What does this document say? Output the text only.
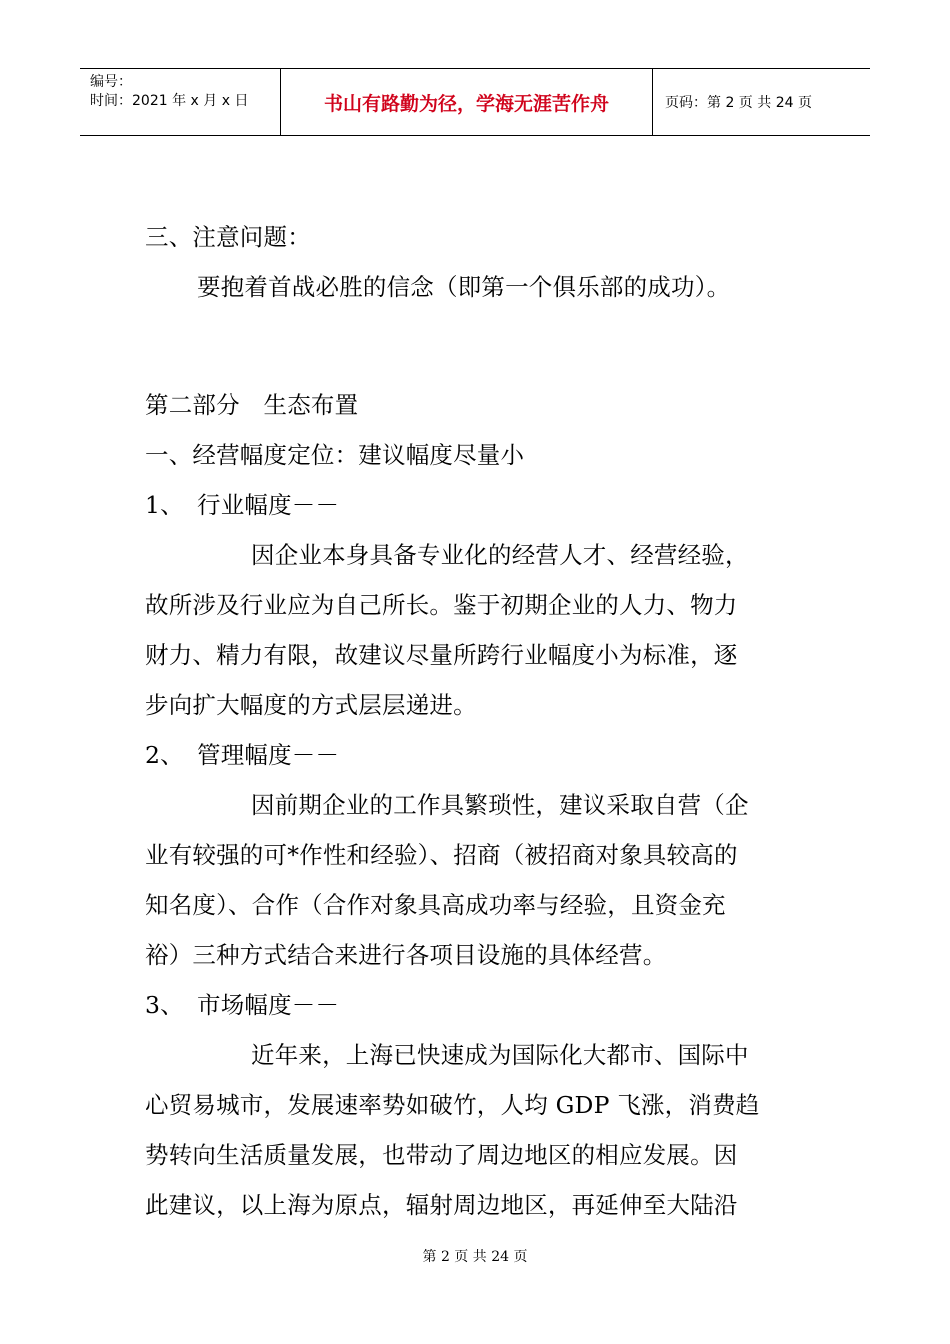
编号：
时间：2021 年 x 月 x 日	书山有路勤为径，学海无涯苦作舟	页码：第 2 页 共 24 页
三、注意问题：
要抱着首战必胜的信念（即第一个俱乐部的成功）。
第二部分　生态布置
一、经营幅度定位：建议幅度尽量小
1、 行业幅度－－
因企业本身具备专业化的经营人才、经营经验，
故所涉及行业应为自己所长。鉴于初期企业的人力、物力
财力、精力有限，故建议尽量所跨行业幅度小为标准，逐
步向扩大幅度的方式层层递进。
2、 管理幅度－－
因前期企业的工作具繁琐性，建议采取自营（企
业有较强的可*作性和经验）、招商（被招商对象具较高的
知名度）、合作（合作对象具高成功率与经验，且资金充
裕）三种方式结合来进行各项目设施的具体经营。
3、 市场幅度－－
近年来，上海已快速成为国际化大都市、国际中
心贸易城市，发展速率势如破竹，人均 GDP 飞涨，消费趋
势转向生活质量发展，也带动了周边地区的相应发展。因
此建议，以上海为原点，辐射周边地区，再延伸至大陆沿
第 2 页 共 24 页
